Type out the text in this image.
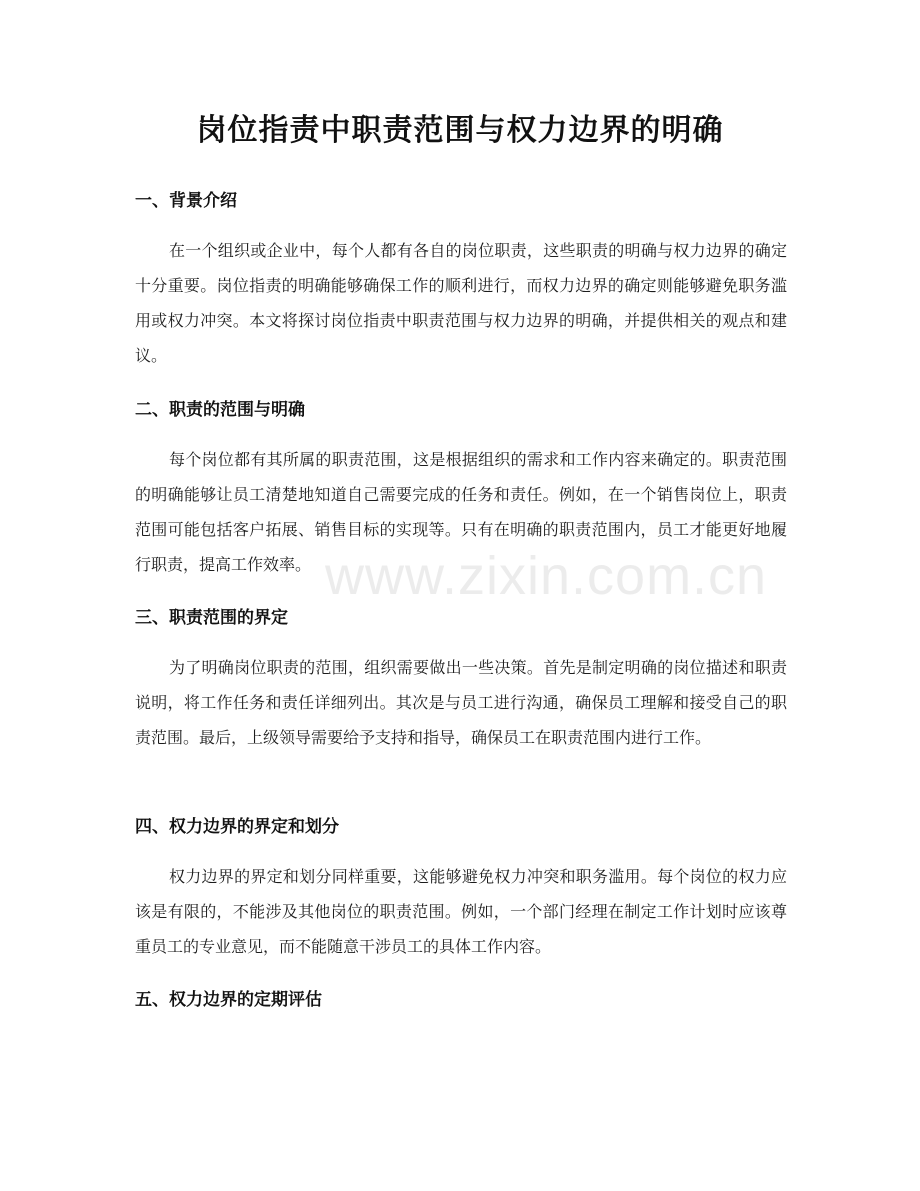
岗位指责中职责范围与权力边界的明确
一、背景介绍

在一个组织或企业中，每个人都有各自的岗位职责，这些职责的明确与权力边界的确定十分重要。岗位指责的明确能够确保工作的顺利进行，而权力边界的确定则能够避免职务滥用或权力冲突。本文将探讨岗位指责中职责范围与权力边界的明确，并提供相关的观点和建议。

二、职责的范围与明确

每个岗位都有其所属的职责范围，这是根据组织的需求和工作内容来确定的。职责范围的明确能够让员工清楚地知道自己需要完成的任务和责任。例如，在一个销售岗位上，职责范围可能包括客户拓展、销售目标的实现等。只有在明确的职责范围内，员工才能更好地履行职责，提高工作效率。

三、职责范围的界定

为了明确岗位职责的范围，组织需要做出一些决策。首先是制定明确的岗位描述和职责说明，将工作任务和责任详细列出。其次是与员工进行沟通，确保员工理解和接受自己的职责范围。最后，上级领导需要给予支持和指导，确保员工在职责范围内进行工作。

四、权力边界的界定和划分

权力边界的界定和划分同样重要，这能够避免权力冲突和职务滥用。每个岗位的权力应该是有限的，不能涉及其他岗位的职责范围。例如，一个部门经理在制定工作计划时应该尊重员工的专业意见，而不能随意干涉员工的具体工作内容。

五、权力边界的定期评估
www.zixin.com.cn
